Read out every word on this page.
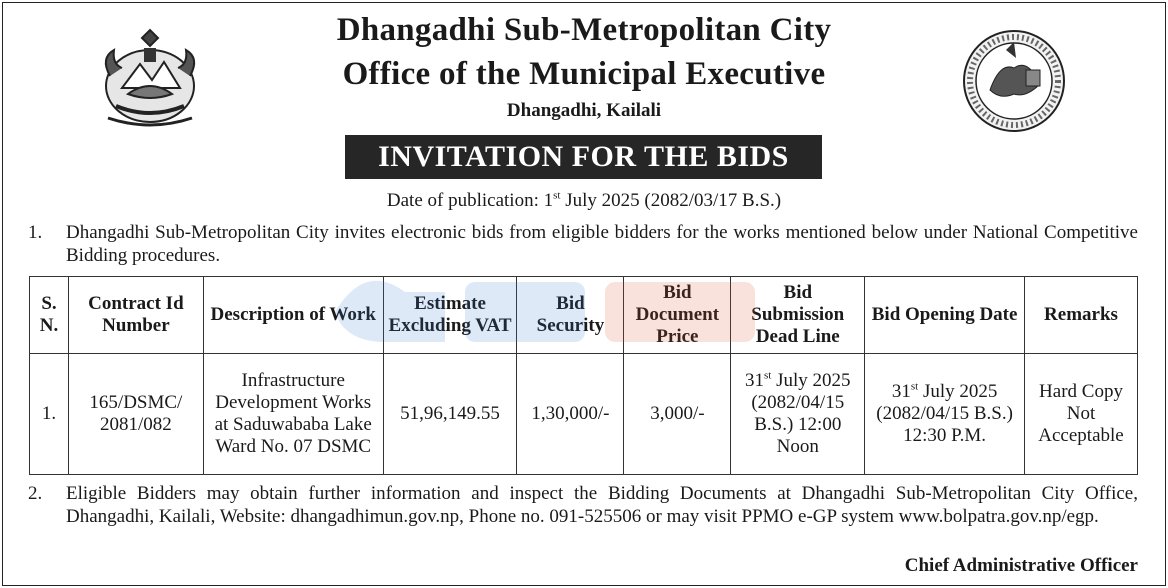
Dhangadhi Sub-Metropolitan City
Office of the Municipal Executive
Dhangadhi, Kailali
INVITATION FOR THE BIDS
Date of publication: 1st July 2025 (2082/03/17 B.S.)
1. Dhangadhi Sub-Metropolitan City invites electronic bids from eligible bidders for the works mentioned below under National Competitive Bidding procedures.
S. N.	Contract Id Number	Description of Work	Estimate Excluding VAT	Bid Security	Bid Document Price	Bid Submission Dead Line	Bid Opening Date	Remarks
1.	165/DSMC/ 2081/082	Infrastructure Development Works at Saduwababa Lake Ward No. 07 DSMC	51,96,149.55	1,30,000/-	3,000/-	31st July 2025 (2082/04/15 B.S.) 12:00 Noon	31st July 2025 (2082/04/15 B.S.) 12:30 P.M.	Hard Copy Not Acceptable
2. Eligible Bidders may obtain further information and inspect the Bidding Documents at Dhangadhi Sub-Metropolitan City Office, Dhangadhi, Kailali, Website: dhangadhimun.gov.np, Phone no. 091-525506 or may visit PPMO e-GP system www.bolpatra.gov.np/egp.
Chief Administrative Officer
